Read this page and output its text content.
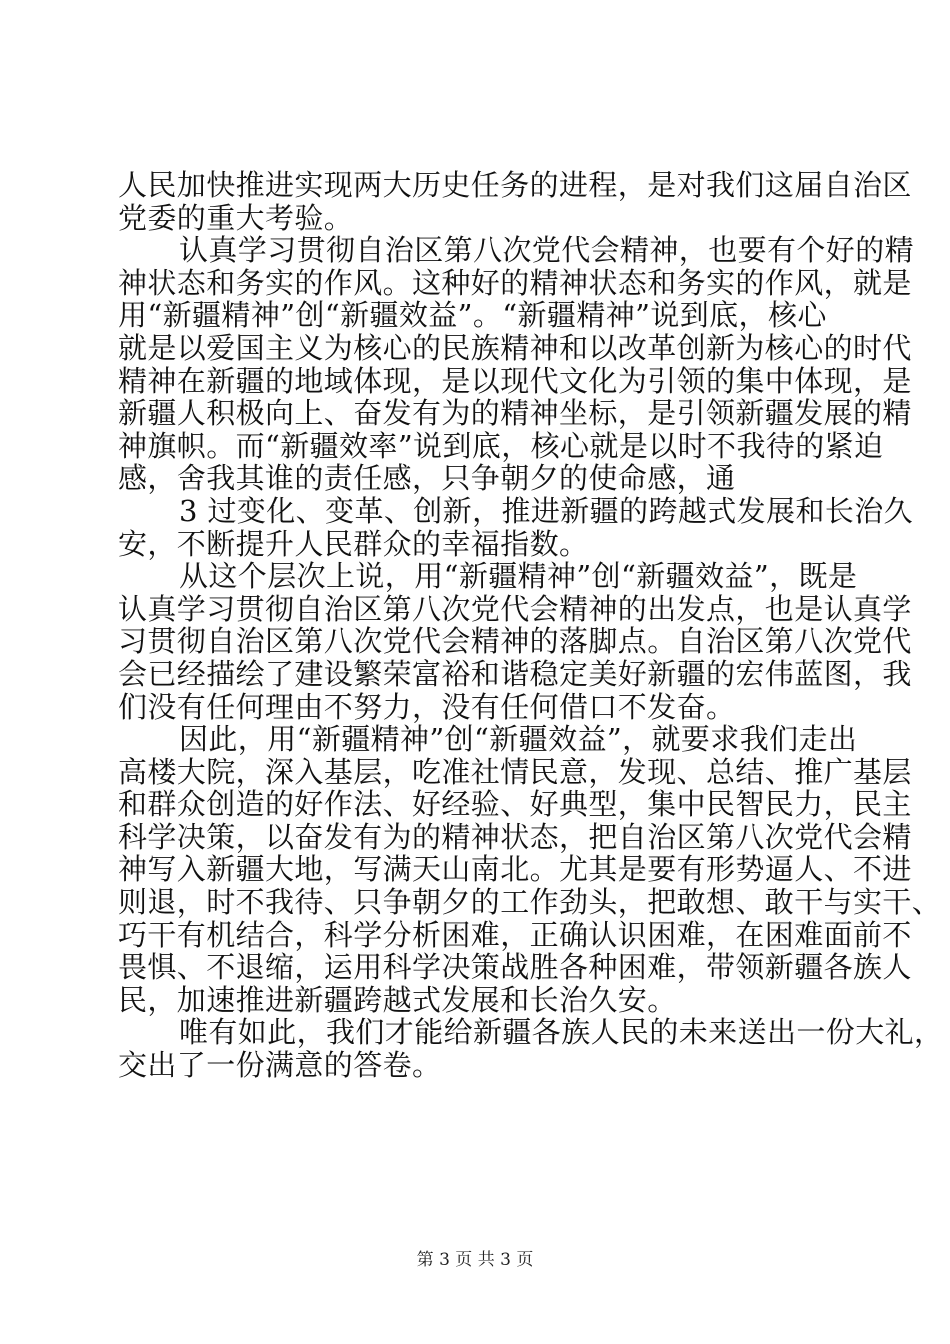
人民加快推进实现两大历史任务的进程，是对我们这届自治区
党委的重大考验。
认真学习贯彻自治区第八次党代会精神，也要有个好的精
神状态和务实的作风。这种好的精神状态和务实的作风，就是
用“新疆精神”创“新疆效益”。“新疆精神”说到底，核心
就是以爱国主义为核心的民族精神和以改革创新为核心的时代
精神在新疆的地域体现，是以现代文化为引领的集中体现，是
新疆人积极向上、奋发有为的精神坐标，是引领新疆发展的精
神旗帜。而“新疆效率”说到底，核心就是以时不我待的紧迫
感，舍我其谁的责任感，只争朝夕的使命感，通
3 过变化、变革、创新，推进新疆的跨越式发展和长治久
安，不断提升人民群众的幸福指数。
从这个层次上说，用“新疆精神”创“新疆效益”，既是
认真学习贯彻自治区第八次党代会精神的出发点，也是认真学
习贯彻自治区第八次党代会精神的落脚点。自治区第八次党代
会已经描绘了建设繁荣富裕和谐稳定美好新疆的宏伟蓝图，我
们没有任何理由不努力，没有任何借口不发奋。
因此，用“新疆精神”创“新疆效益”，就要求我们走出
高楼大院，深入基层，吃准社情民意，发现、总结、推广基层
和群众创造的好作法、好经验、好典型，集中民智民力，民主
科学决策，以奋发有为的精神状态，把自治区第八次党代会精
神写入新疆大地，写满天山南北。尤其是要有形势逼人、不进
则退，时不我待、只争朝夕的工作劲头，把敢想、敢干与实干、
巧干有机结合，科学分析困难，正确认识困难，在困难面前不
畏惧、不退缩，运用科学决策战胜各种困难，带领新疆各族人
民，加速推进新疆跨越式发展和长治久安。
唯有如此，我们才能给新疆各族人民的未来送出一份大礼，
交出了一份满意的答卷。
第 3 页 共 3 页
